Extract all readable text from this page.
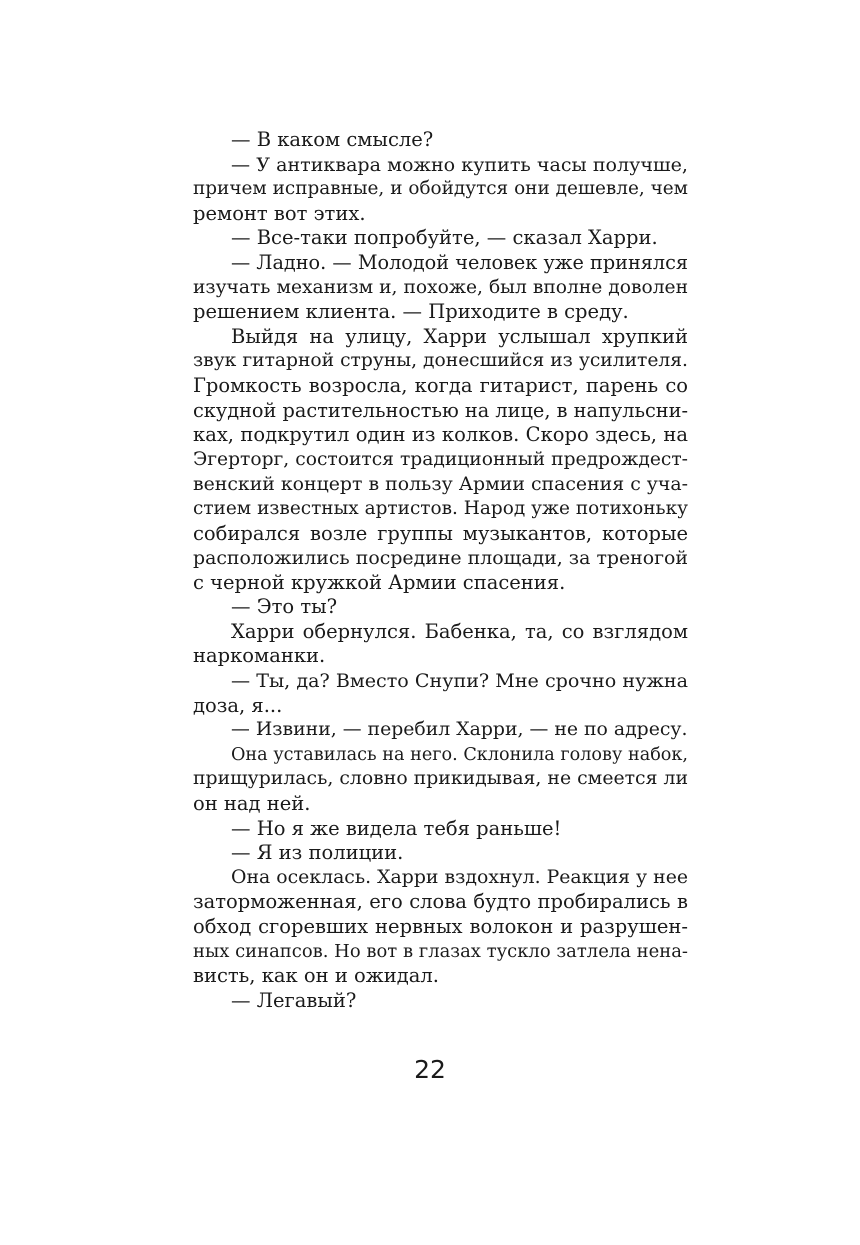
— В каком смысле?
— У антиквара можно купить часы получше,
причем исправные, и обойдутся они дешевле, чем
ремонт вот этих.
— Все-таки попробуйте, — сказал Харри.
— Ладно. — Молодой человек уже принялся
изучать механизм и, похоже, был вполне доволен
решением клиента. — Приходите в среду.
Выйдя на улицу, Харри услышал хрупкий
звук гитарной струны, донесшийся из усилителя.
Громкость возросла, когда гитарист, парень со
скудной растительностью на лице, в напульсни-
ках, подкрутил один из колков. Скоро здесь, на
Эгерторг, состоится традиционный предрождест-
венский концерт в пользу Армии спасения с уча-
стием известных артистов. Народ уже потихоньку
собирался возле группы музыкантов, которые
расположились посредине площади, за треногой
с черной кружкой Армии спасения.
— Это ты?
Харри обернулся. Бабенка, та, со взглядом
наркоманки.
— Ты, да? Вместо Снупи? Мне срочно нужна
доза, я...
— Извини, — перебил Харри, — не по адресу.
Она уставилась на него. Склонила голову набок,
прищурилась, словно прикидывая, не смеется ли
он над ней.
— Но я же видела тебя раньше!
— Я из полиции.
Она осеклась. Харри вздохнул. Реакция у нее
заторможенная, его слова будто пробирались в
обход сгоревших нервных волокон и разрушен-
ных синапсов. Но вот в глазах тускло затлела нена-
висть, как он и ожидал.
— Легавый?
22
